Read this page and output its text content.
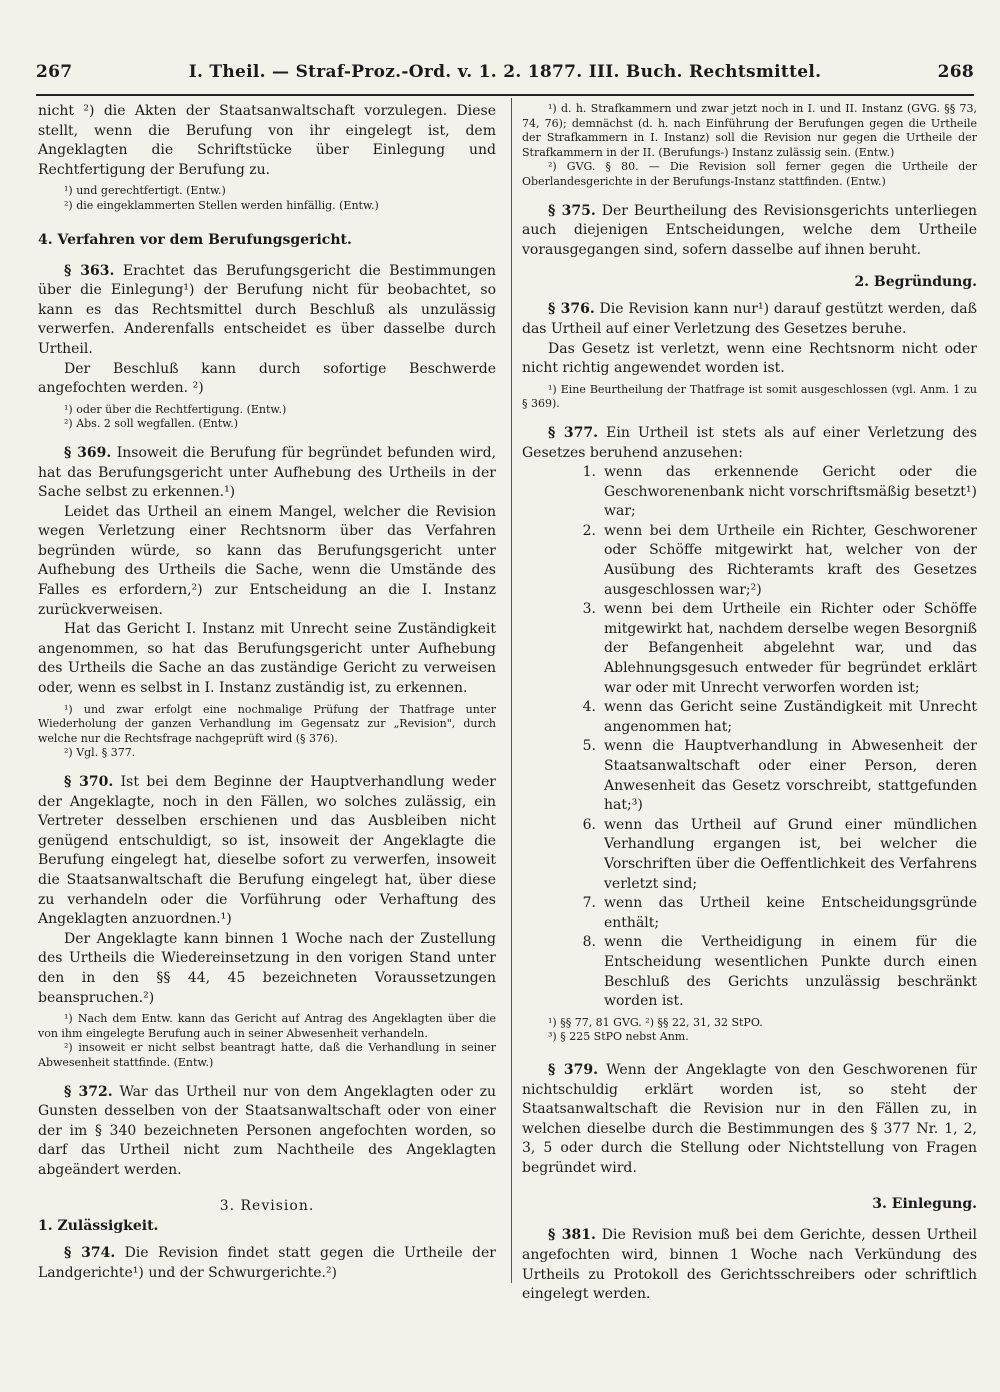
267	I. Theil. — Straf-Proz.-Ord. v. 1. 2. 1877. III. Buch. Rechtsmittel.	268

nicht ²) die Akten der Staatsanwaltschaft vorzulegen. Diese stellt, wenn die Berufung von ihr eingelegt ist, dem Angeklagten die Schriftstücke über Einlegung und Rechtfertigung der Berufung zu.

¹) und gerechtfertigt. (Entw.)

²) die eingeklammerten Stellen werden hinfällig. (Entw.)

4. Verfahren vor dem Berufungsgericht.

§ 363. Erachtet das Berufungsgericht die Bestimmungen über die Einlegung¹) der Berufung nicht für beobachtet, so kann es das Rechtsmittel durch Beschluß als unzulässig verwerfen. Anderenfalls entscheidet es über dasselbe durch Urtheil.

Der Beschluß kann durch sofortige Beschwerde angefochten werden. ²)

¹) oder über die Rechtfertigung. (Entw.)

²) Abs. 2 soll wegfallen. (Entw.)

§ 369. Insoweit die Berufung für begründet befunden wird, hat das Berufungsgericht unter Aufhebung des Urtheils in der Sache selbst zu erkennen.¹)

Leidet das Urtheil an einem Mangel, welcher die Revision wegen Verletzung einer Rechtsnorm über das Verfahren begründen würde, so kann das Berufungsgericht unter Aufhebung des Urtheils die Sache, wenn die Umstände des Falles es erfordern,²) zur Entscheidung an die I. Instanz zurückverweisen.

Hat das Gericht I. Instanz mit Unrecht seine Zuständigkeit angenommen, so hat das Berufungsgericht unter Aufhebung des Urtheils die Sache an das zuständige Gericht zu verweisen oder, wenn es selbst in I. Instanz zuständig ist, zu erkennen.

¹) und zwar erfolgt eine nochmalige Prüfung der Thatfrage unter Wiederholung der ganzen Verhandlung im Gegensatz zur „Revision", durch welche nur die Rechtsfrage nachgeprüft wird (§ 376).

²) Vgl. § 377.

§ 370. Ist bei dem Beginne der Hauptverhandlung weder der Angeklagte, noch in den Fällen, wo solches zulässig, ein Vertreter desselben erschienen und das Ausbleiben nicht genügend entschuldigt, so ist, insoweit der Angeklagte die Berufung eingelegt hat, dieselbe sofort zu verwerfen, insoweit die Staatsanwaltschaft die Berufung eingelegt hat, über diese zu verhandeln oder die Vorführung oder Verhaftung des Angeklagten anzuordnen.¹)

Der Angeklagte kann binnen 1 Woche nach der Zustellung des Urtheils die Wiedereinsetzung in den vorigen Stand unter den in den §§ 44, 45 bezeichneten Voraussetzungen beanspruchen.²)

¹) Nach dem Entw. kann das Gericht auf Antrag des Angeklagten über die von ihm eingelegte Berufung auch in seiner Abwesenheit verhandeln.

²) insoweit er nicht selbst beantragt hatte, daß die Verhandlung in seiner Abwesenheit stattfinde. (Entw.)

§ 372. War das Urtheil nur von dem Angeklagten oder zu Gunsten desselben von der Staatsanwaltschaft oder von einer der im § 340 bezeichneten Personen angefochten worden, so darf das Urtheil nicht zum Nachtheile des Angeklagten abgeändert werden.

3. Revision.

1. Zulässigkeit.

§ 374. Die Revision findet statt gegen die Urtheile der Landgerichte¹) und der Schwurgerichte.²)

¹) d. h. Strafkammern und zwar jetzt noch in I. und II. Instanz (GVG. §§ 73, 74, 76); demnächst (d. h. nach Einführung der Berufungen gegen die Urtheile der Strafkammern in I. Instanz) soll die Revision nur gegen die Urtheile der Strafkammern in der II. (Berufungs-) Instanz zulässig sein. (Entw.)

²) GVG. § 80. — Die Revision soll ferner gegen die Urtheile der Oberlandesgerichte in der Berufungs-Instanz stattfinden. (Entw.)

§ 375. Der Beurtheilung des Revisionsgerichts unterliegen auch diejenigen Entscheidungen, welche dem Urtheile vorausgegangen sind, sofern dasselbe auf ihnen beruht.

2. Begründung.

§ 376. Die Revision kann nur¹) darauf gestützt werden, daß das Urtheil auf einer Verletzung des Gesetzes beruhe.

Das Gesetz ist verletzt, wenn eine Rechtsnorm nicht oder nicht richtig angewendet worden ist.

¹) Eine Beurtheilung der Thatfrage ist somit ausgeschlossen (vgl. Anm. 1 zu § 369).

§ 377. Ein Urtheil ist stets als auf einer Verletzung des Gesetzes beruhend anzusehen:

1. wenn das erkennende Gericht oder die Geschworenenbank nicht vorschriftsmäßig besetzt¹) war;
2. wenn bei dem Urtheile ein Richter, Geschworener oder Schöffe mitgewirkt hat, welcher von der Ausübung des Richteramts kraft des Gesetzes ausgeschlossen war;²)
3. wenn bei dem Urtheile ein Richter oder Schöffe mitgewirkt hat, nachdem derselbe wegen Besorgniß der Befangenheit abgelehnt war, und das Ablehnungsgesuch entweder für begründet erklärt war oder mit Unrecht verworfen worden ist;
4. wenn das Gericht seine Zuständigkeit mit Unrecht angenommen hat;
5. wenn die Hauptverhandlung in Abwesenheit der Staatsanwaltschaft oder einer Person, deren Anwesenheit das Gesetz vorschreibt, stattgefunden hat;³)
6. wenn das Urtheil auf Grund einer mündlichen Verhandlung ergangen ist, bei welcher die Vorschriften über die Oeffentlichkeit des Verfahrens verletzt sind;
7. wenn das Urtheil keine Entscheidungsgründe enthält;
8. wenn die Vertheidigung in einem für die Entscheidung wesentlichen Punkte durch einen Beschluß des Gerichts unzulässig beschränkt worden ist.

¹) §§ 77, 81 GVG. ²) §§ 22, 31, 32 StPO.

³) § 225 StPO nebst Anm.

§ 379. Wenn der Angeklagte von den Geschworenen für nichtschuldig erklärt worden ist, so steht der Staatsanwaltschaft die Revision nur in den Fällen zu, in welchen dieselbe durch die Bestimmungen des § 377 Nr. 1, 2, 3, 5 oder durch die Stellung oder Nichtstellung von Fragen begründet wird.

3. Einlegung.

§ 381. Die Revision muß bei dem Gerichte, dessen Urtheil angefochten wird, binnen 1 Woche nach Verkündung des Urtheils zu Protokoll des Gerichtsschreibers oder schriftlich eingelegt werden.
